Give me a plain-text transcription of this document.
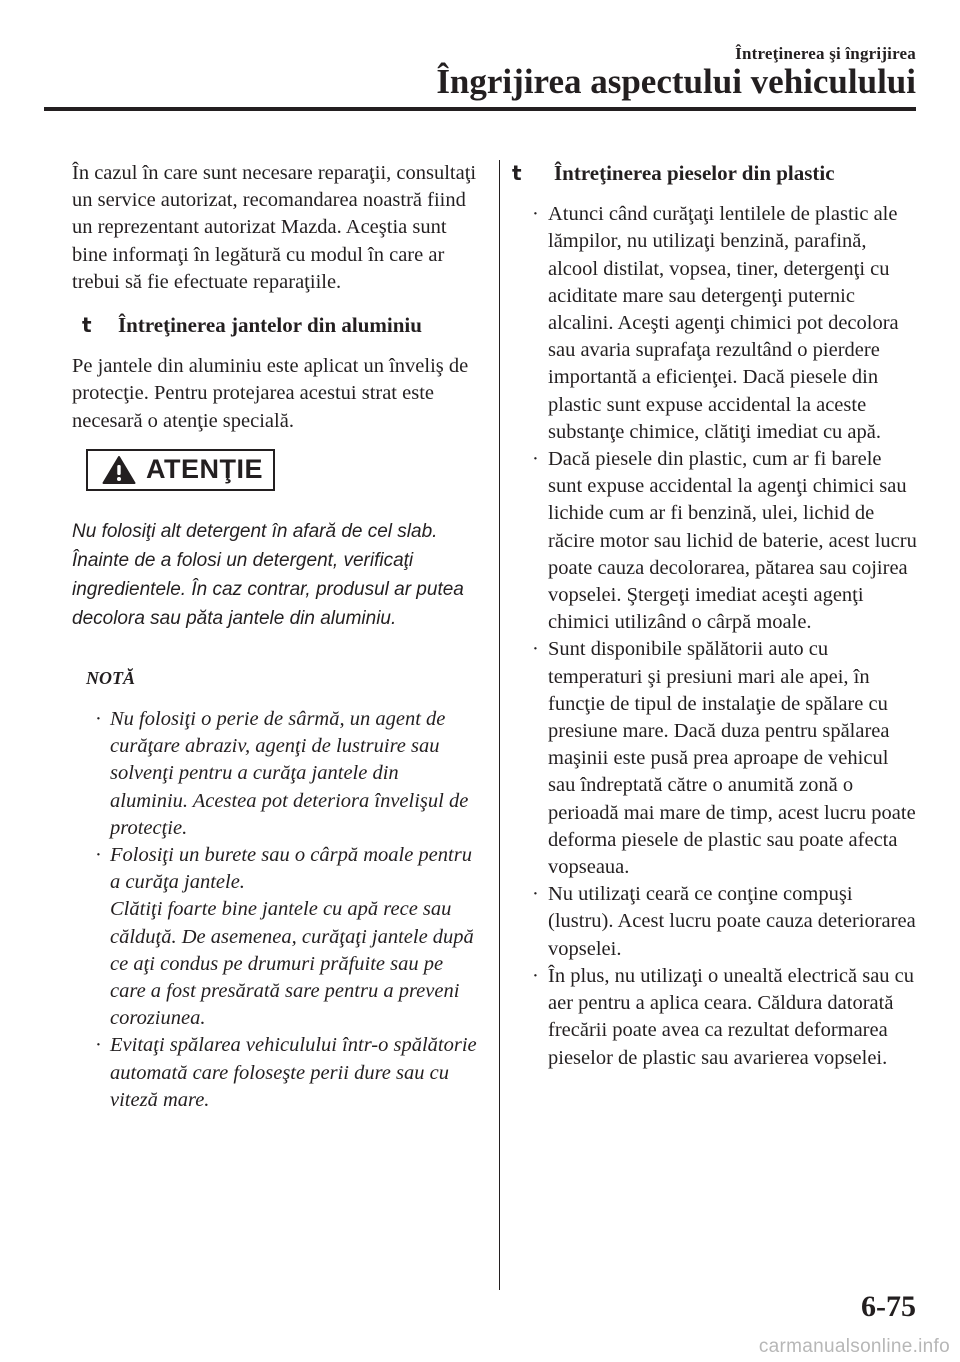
Întreţinerea şi îngrijirea
Îngrijirea aspectului vehiculului

În cazul în care sunt necesare reparaţii, consultaţi un service autorizat, recomandarea noastră fiind un reprezentant autorizat Mazda. Aceştia sunt bine informaţi în legătură cu modul în care ar trebui să fie efectuate reparaţiile.

t	Întreţinerea jantelor din aluminiu

Pe jantele din aluminiu este aplicat un înveliş de protecţie. Pentru protejarea acestui strat este necesară o atenţie specială.

ATENŢIE

Nu folosiţi alt detergent în afară de cel slab. Înainte de a folosi un detergent, verificaţi ingredientele. În caz contrar, produsul ar putea decolora sau păta jantele din aluminiu.

NOTĂ
· Nu folosiţi o perie de sârmă, un agent de curăţare abraziv, agenţi de lustruire sau solvenţi pentru a curăţa jantele din aluminiu. Acestea pot deteriora învelişul de protecţie.
· Folosiţi un burete sau o cârpă moale pentru a curăţa jantele.
Clătiţi foarte bine jantele cu apă rece sau călduţă. De asemenea, curăţaţi jantele după ce aţi condus pe drumuri prăfuite sau pe care a fost presărată sare pentru a preveni coroziunea.
· Evitaţi spălarea vehiculului într-o spălătorie automată care foloseşte perii dure sau cu viteză mare.
t	Întreţinerea pieselor din plastic
· Atunci când curăţaţi lentilele de plastic ale lămpilor, nu utilizaţi benzină, parafină, alcool distilat, vopsea, tiner, detergenţi cu aciditate mare sau detergenţi puternic alcalini. Aceşti agenţi chimici pot decolora sau avaria suprafaţa rezultând o pierdere importantă a eficienţei. Dacă piesele din plastic sunt expuse accidental la aceste substanţe chimice, clătiţi imediat cu apă.
· Dacă piesele din plastic, cum ar fi barele sunt expuse accidental la agenţi chimici sau lichide cum ar fi benzină, ulei, lichid de răcire motor sau lichid de baterie, acest lucru poate cauza decolorarea, pătarea sau cojirea vopselei. Ştergeţi imediat aceşti agenţi chimici utilizând o cârpă moale.
· Sunt disponibile spălătorii auto cu temperaturi şi presiuni mari ale apei, în funcţie de tipul de instalaţie de spălare cu presiune mare. Dacă duza pentru spălarea maşinii este pusă prea aproape de vehicul sau îndreptată către o anumită zonă o perioadă mai mare de timp, acest lucru poate deforma piesele de plastic sau poate afecta vopseaua.
· Nu utilizaţi ceară ce conţine compuşi (lustru). Acest lucru poate cauza deteriorarea vopselei.
· În plus, nu utilizaţi o unealtă electrică sau cu aer pentru a aplica ceara. Căldura datorată frecării poate avea ca rezultat deformarea pieselor de plastic sau avarierea vopselei.
6-75
carmanualsonline.info
